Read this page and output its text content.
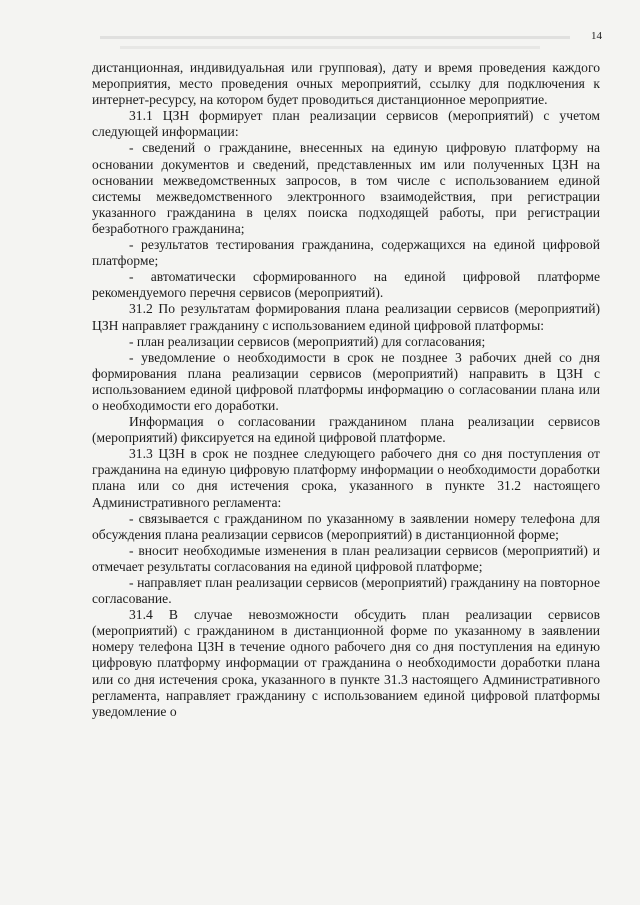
14

дистанционная, индивидуальная или групповая), дату и время проведения каждого мероприятия, место проведения очных мероприятий, ссылку для подключения к интернет-ресурсу, на котором будет проводиться дистанционное мероприятие.

31.1 ЦЗН формирует план реализации сервисов (мероприятий) с учетом следующей информации:

- сведений о гражданине, внесенных на единую цифровую платформу на основании документов и сведений, представленных им или полученных ЦЗН на основании межведомственных запросов, в том числе с использованием единой системы межведомственного электронного взаимодействия, при регистрации указанного гражданина в целях поиска подходящей работы, при регистрации безработного гражданина;

- результатов тестирования гражданина, содержащихся на единой цифровой платформе;

- автоматически сформированного на единой цифровой платформе рекомендуемого перечня сервисов (мероприятий).

31.2 По результатам формирования плана реализации сервисов (мероприятий) ЦЗН направляет гражданину с использованием единой цифровой платформы:

- план реализации сервисов (мероприятий) для согласования;

- уведомление о необходимости в срок не позднее 3 рабочих дней со дня формирования плана реализации сервисов (мероприятий) направить в ЦЗН с использованием единой цифровой платформы информацию о согласовании плана или о необходимости его доработки.

Информация о согласовании гражданином плана реализации сервисов (мероприятий) фиксируется на единой цифровой платформе.

31.3 ЦЗН в срок не позднее следующего рабочего дня со дня поступления от гражданина на единую цифровую платформу информации о необходимости доработки плана или со дня истечения срока, указанного в пункте 31.2 настоящего Административного регламента:

- связывается с гражданином по указанному в заявлении номеру телефона для обсуждения плана реализации сервисов (мероприятий) в дистанционной форме;

- вносит необходимые изменения в план реализации сервисов (мероприятий) и отмечает результаты согласования на единой цифровой платформе;

- направляет план реализации сервисов (мероприятий) гражданину на повторное согласование.

31.4 В случае невозможности обсудить план реализации сервисов (мероприятий) с гражданином в дистанционной форме по указанному в заявлении номеру телефона ЦЗН в течение одного рабочего дня со дня поступления на единую цифровую платформу информации от гражданина о необходимости доработки плана или со дня истечения срока, указанного в пункте 31.3 настоящего Административного регламента, направляет гражданину с использованием единой цифровой платформы уведомление о
